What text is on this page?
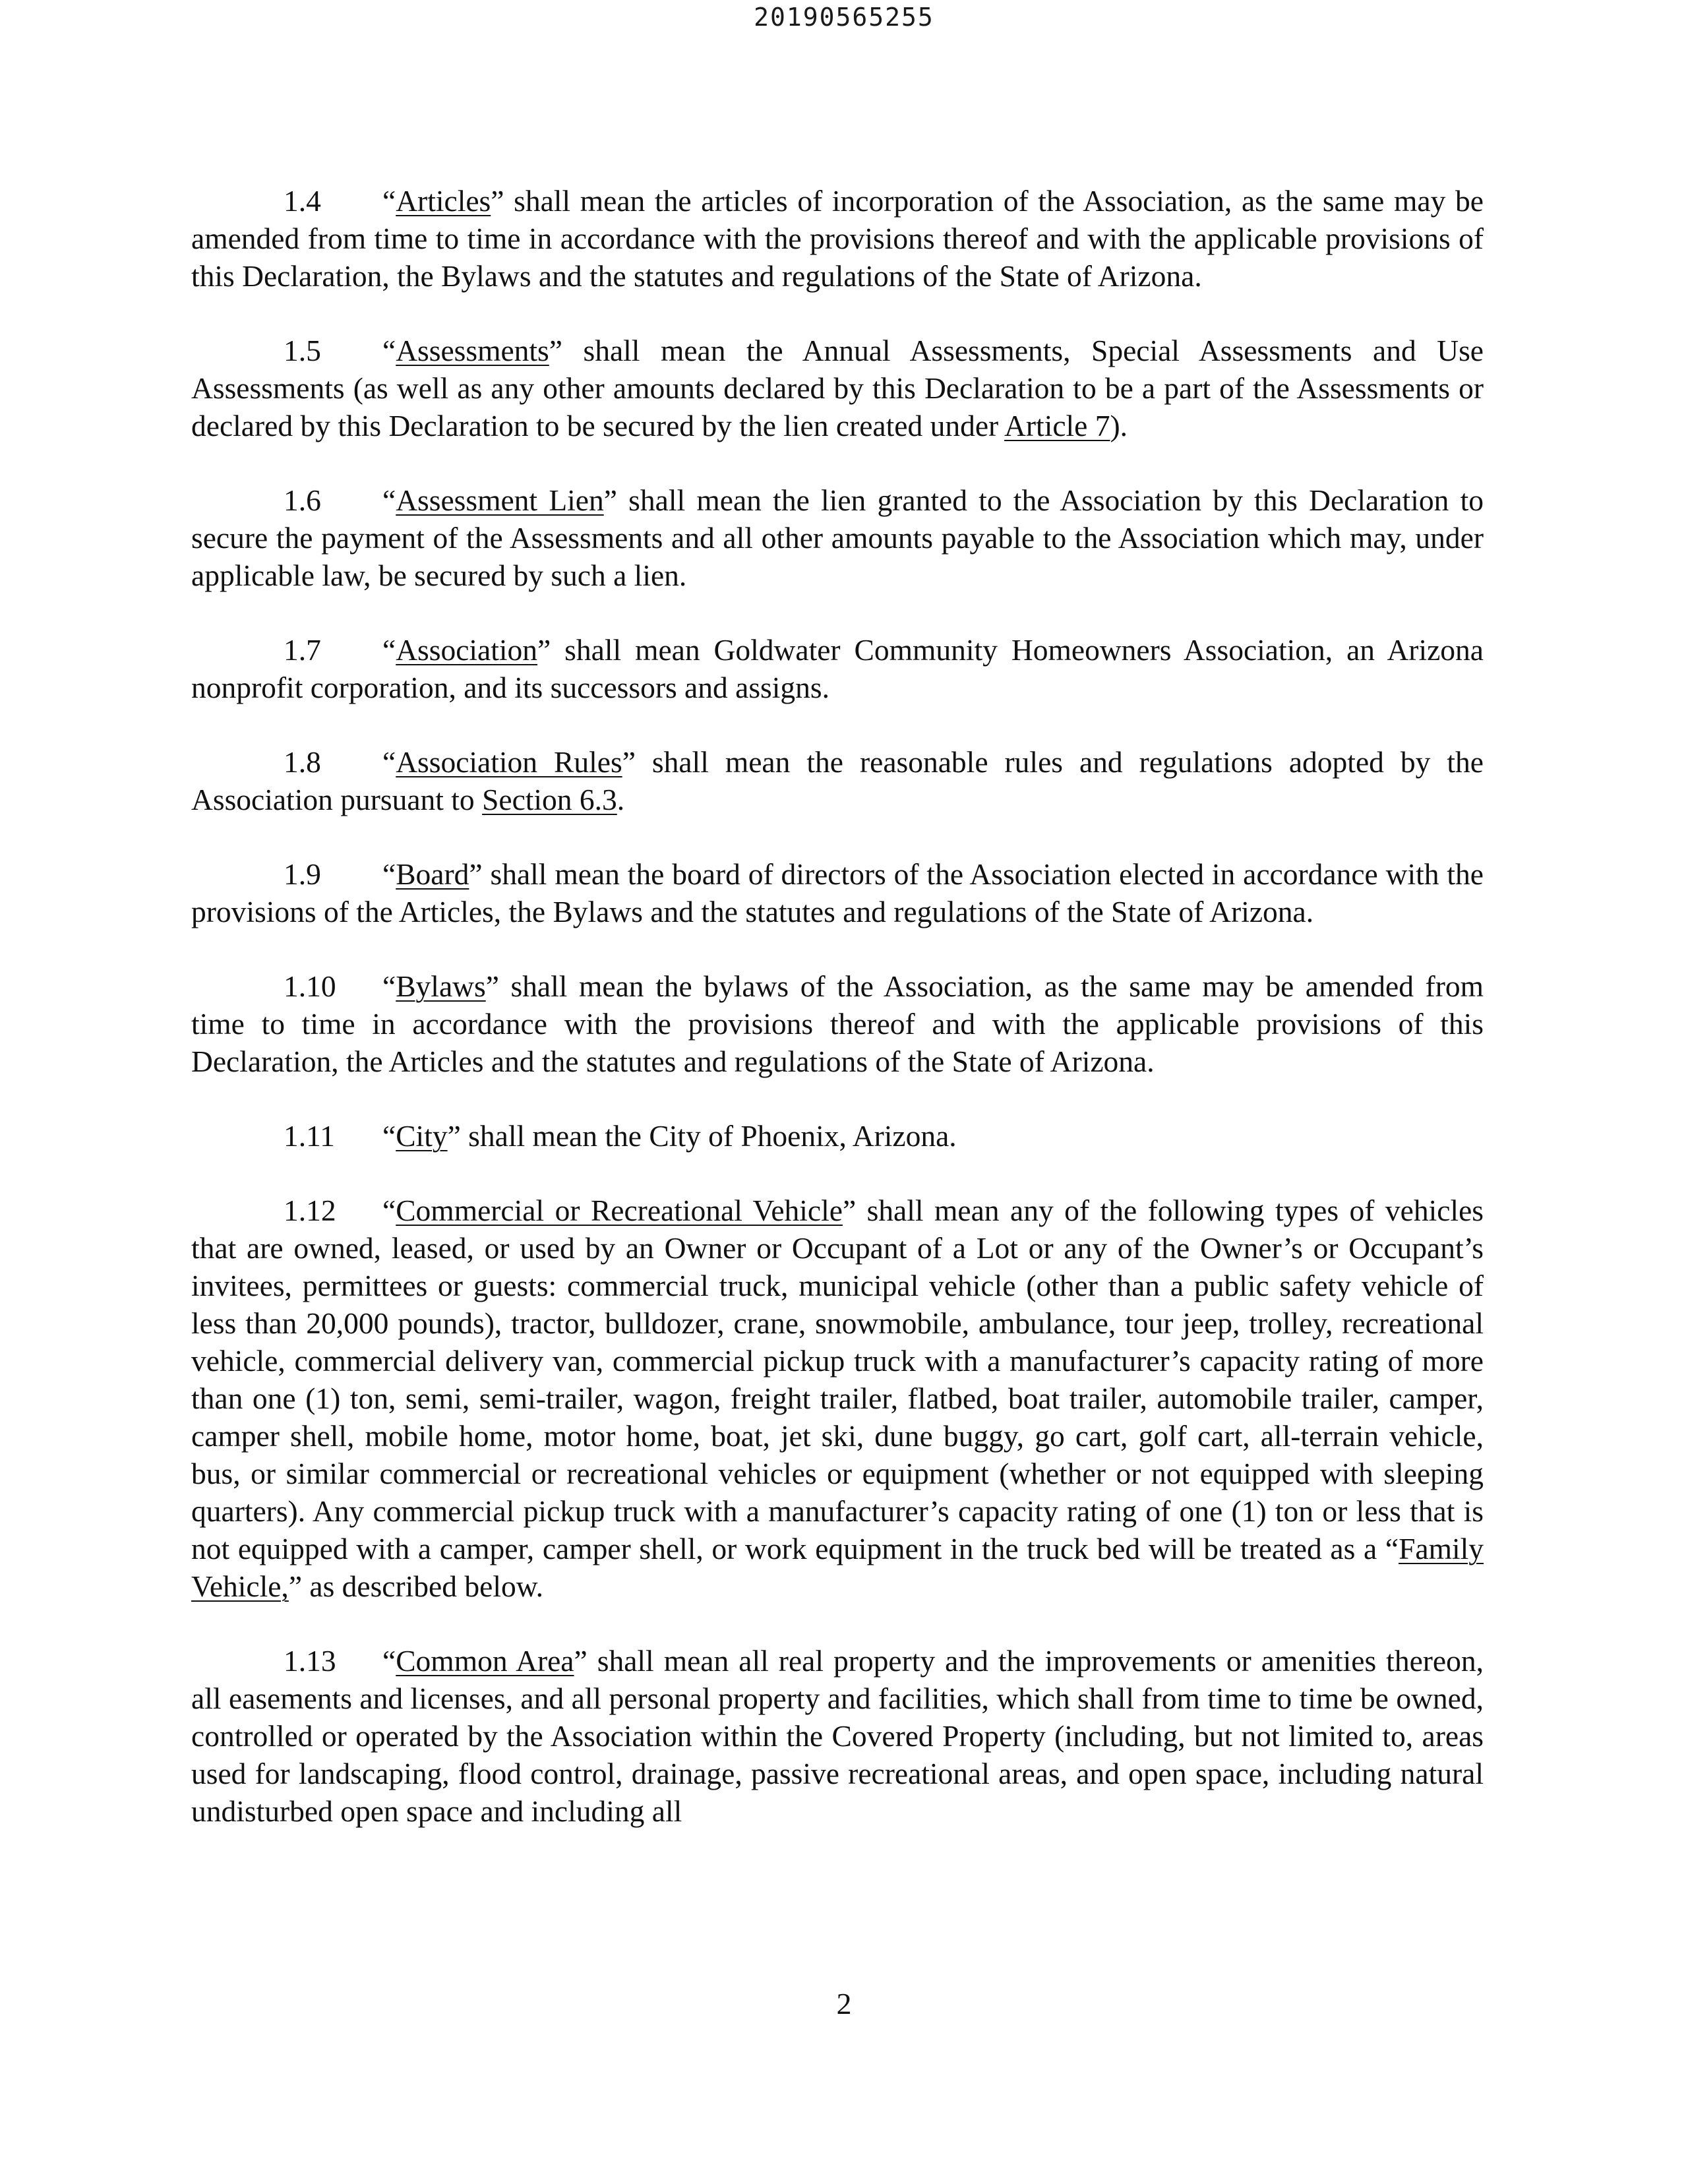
20190565255

1.4 “Articles” shall mean the articles of incorporation of the Association, as the same may be amended from time to time in accordance with the provisions thereof and with the applicable provisions of this Declaration, the Bylaws and the statutes and regulations of the State of Arizona.

1.5 “Assessments” shall mean the Annual Assessments, Special Assessments and Use Assessments (as well as any other amounts declared by this Declaration to be a part of the Assessments or declared by this Declaration to be secured by the lien created under Article 7).

1.6 “Assessment Lien” shall mean the lien granted to the Association by this Declaration to secure the payment of the Assessments and all other amounts payable to the Association which may, under applicable law, be secured by such a lien.

1.7 “Association” shall mean Goldwater Community Homeowners Association, an Arizona nonprofit corporation, and its successors and assigns.

1.8 “Association Rules” shall mean the reasonable rules and regulations adopted by the Association pursuant to Section 6.3.

1.9 “Board” shall mean the board of directors of the Association elected in accordance with the provisions of the Articles, the Bylaws and the statutes and regulations of the State of Arizona.

1.10 “Bylaws” shall mean the bylaws of the Association, as the same may be amended from time to time in accordance with the provisions thereof and with the applicable provisions of this Declaration, the Articles and the statutes and regulations of the State of Arizona.

1.11 “City” shall mean the City of Phoenix, Arizona.

1.12 “Commercial or Recreational Vehicle” shall mean any of the following types of vehicles that are owned, leased, or used by an Owner or Occupant of a Lot or any of the Owner’s or Occupant’s invitees, permittees or guests: commercial truck, municipal vehicle (other than a public safety vehicle of less than 20,000 pounds), tractor, bulldozer, crane, snowmobile, ambulance, tour jeep, trolley, recreational vehicle, commercial delivery van, commercial pickup truck with a manufacturer’s capacity rating of more than one (1) ton, semi, semi-trailer, wagon, freight trailer, flatbed, boat trailer, automobile trailer, camper, camper shell, mobile home, motor home, boat, jet ski, dune buggy, go cart, golf cart, all-terrain vehicle, bus, or similar commercial or recreational vehicles or equipment (whether or not equipped with sleeping quarters). Any commercial pickup truck with a manufacturer’s capacity rating of one (1) ton or less that is not equipped with a camper, camper shell, or work equipment in the truck bed will be treated as a “Family Vehicle,” as described below.

1.13 “Common Area” shall mean all real property and the improvements or amenities thereon, all easements and licenses, and all personal property and facilities, which shall from time to time be owned, controlled or operated by the Association within the Covered Property (including, but not limited to, areas used for landscaping, flood control, drainage, passive recreational areas, and open space, including natural undisturbed open space and including all

2
